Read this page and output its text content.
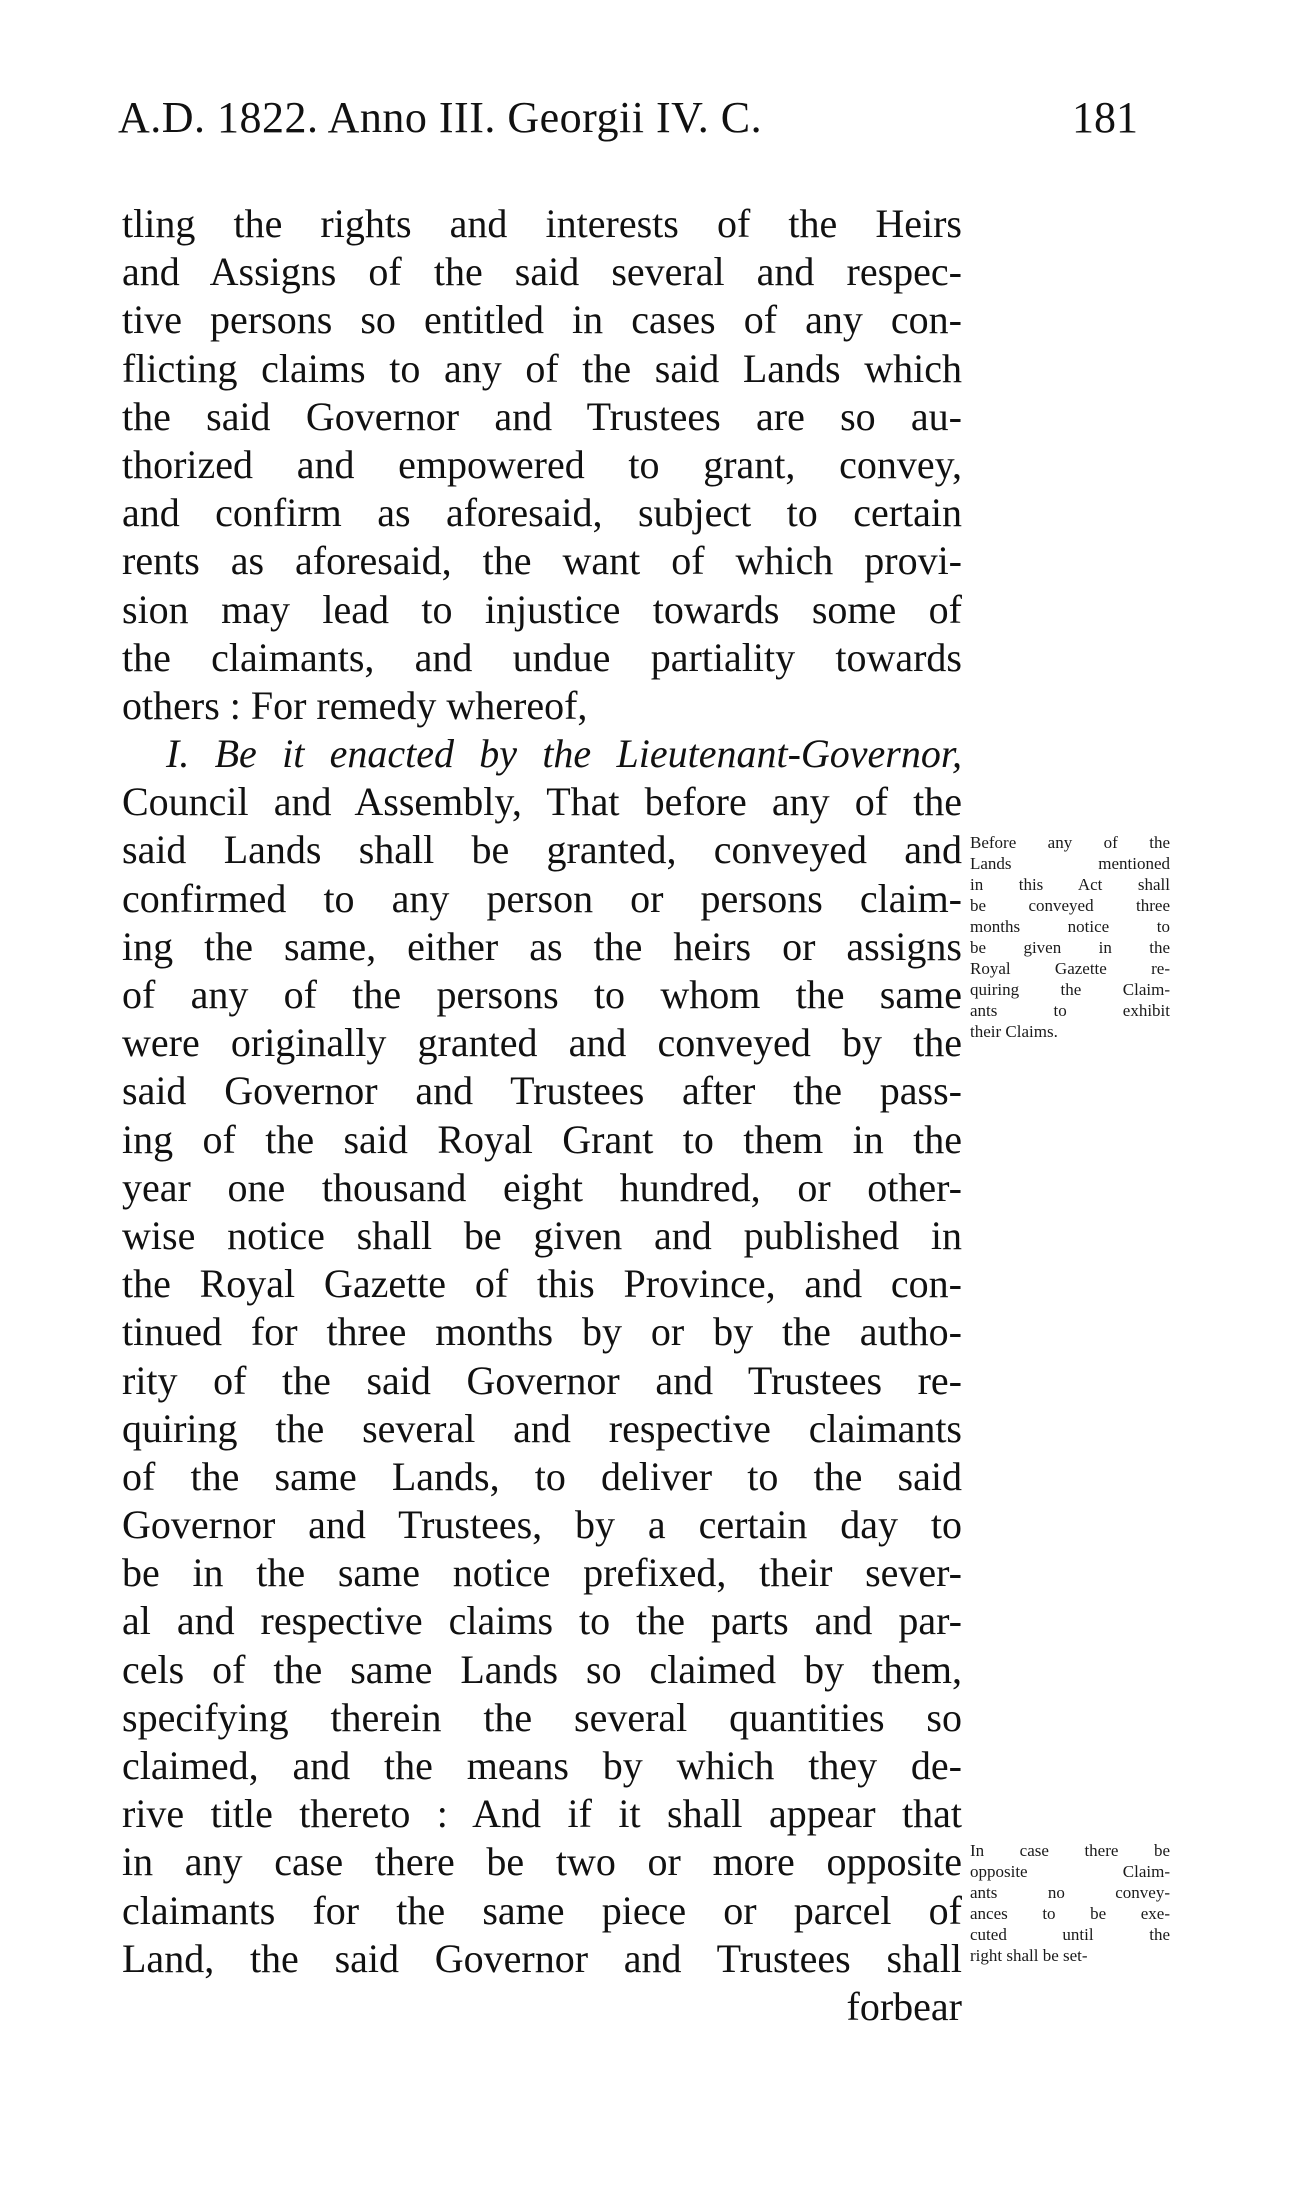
A.D. 1822. Anno III. Georgii IV. C.	181
tling the rights and interests of the Heirs
and Assigns of the said several and respec-
tive persons so entitled in cases of any con-
flicting claims to any of the said Lands which
the said Governor and Trustees are so au-
thorized and empowered to grant, convey,
and confirm as aforesaid, subject to certain
rents as aforesaid, the want of which provi-
sion may lead to injustice towards some of
the claimants, and undue partiality towards
others : For remedy whereof,
I. Be it enacted by the Lieutenant-Governor,
Council and Assembly, That before any of the
said Lands shall be granted, conveyed and
confirmed to any person or persons claim-
ing the same, either as the heirs or assigns
of any of the persons to whom the same
were originally granted and conveyed by the
said Governor and Trustees after the pass-
ing of the said Royal Grant to them in the
year one thousand eight hundred, or other-
wise notice shall be given and published in
the Royal Gazette of this Province, and con-
tinued for three months by or by the autho-
rity of the said Governor and Trustees re-
quiring the several and respective claimants
of the same Lands, to deliver to the said
Governor and Trustees, by a certain day to
be in the same notice prefixed, their sever-
al and respective claims to the parts and par-
cels of the same Lands so claimed by them,
specifying therein the several quantities so
claimed, and the means by which they de-
rive title thereto : And if it shall appear that
in any case there be two or more opposite
claimants for the same piece or parcel of
Land, the said Governor and Trustees shall
forbear
Before any of the
Lands mentioned
in this Act shall
be conveyed three
months notice to
be given in the
Royal Gazette re-
quiring the Claim-
ants to exhibit
their Claims.
In case there be
opposite Claim-
ants no convey-
ances to be exe-
cuted until the
right shall be set-
